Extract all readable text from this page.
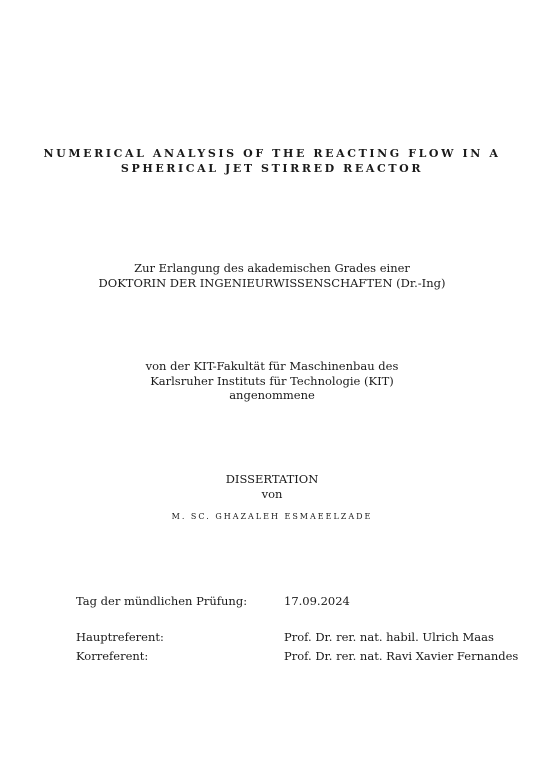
NUMERICAL ANALYSIS OF THE REACTING FLOW IN A
SPHERICAL JET STIRRED REACTOR
Zur Erlangung des akademischen Grades einer
DOKTORIN DER INGENIEURWISSENSCHAFTEN (Dr.-Ing)
von der KIT-Fakultät für Maschinenbau des
Karlsruher Instituts für Technologie (KIT)
angenommene
DISSERTATION
von
M. SC. GHAZALEH ESMAEELZADE
Tag der mündlichen Prüfung:	17.09.2024
Hauptreferent:	Prof. Dr. rer. nat. habil. Ulrich Maas
Korreferent:	Prof. Dr. rer. nat. Ravi Xavier Fernandes
